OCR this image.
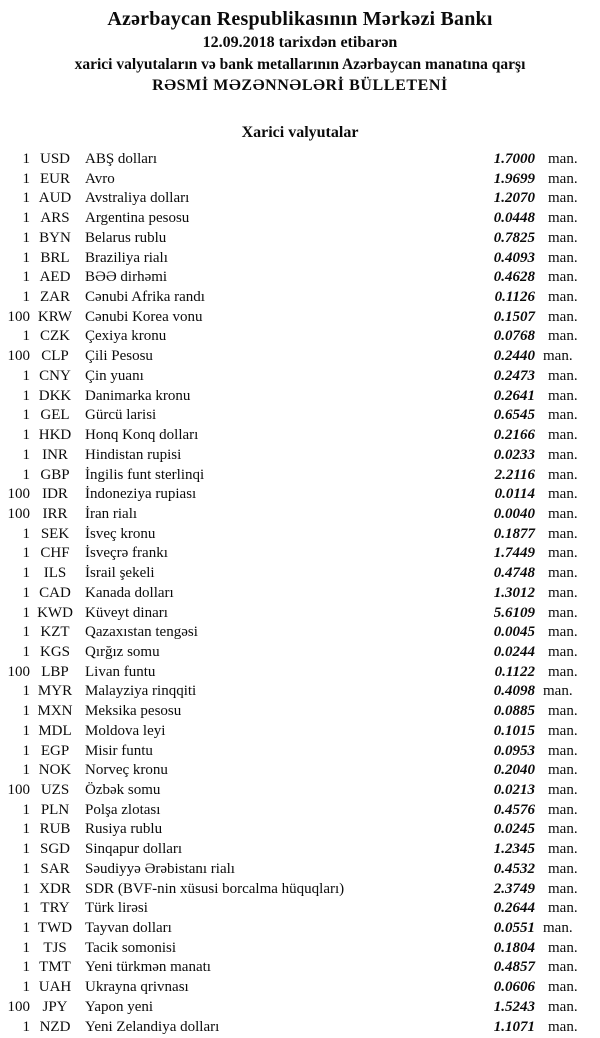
Azərbaycan Respublikasının Mərkəzi Bankı
12.09.2018 tarixdən etibarən
xarici valyutaların və bank metallarının Azərbaycan manatına qarşı
RƏSMİ MƏZƏNNƏLƏRİ BÜLLETENİ
Xarici valyutalar
1 USD	ABŞ dolları	1.7000 man.
1 EUR	Avro	1.9699 man.
1 AUD Avstraliya dolları	1.2070 man.
1 ARS	Argentina pesosu	0.0448 man.
1 BYN Belarus rublu	0.7825 man.
1 BRL	Braziliya rialı	0.4093 man.
1 AED BƏƏ dirhəmi	0.4628 man.
1 ZAR	Cənubi Afrika randı	0.1126 man.
100 KRW Cənubi Korea vonu	0.1507 man.
1 CZK	Çexiya kronu	0.0768 man.
100 CLP	Çili Pesosu	0.2440 man.
1 CNY Çin yuanı	0.2473 man.
1 DKK Danimarka kronu	0.2641 man.
1 GEL	Gürcü larisi	0.6545 man.
1 HKD Honq Konq dolları	0.2166 man.
1 INR	Hindistan rupisi	0.0233 man.
1 GBP	İngilis funt sterlinqi	2.2116 man.
100 IDR	İndoneziya rupiası	0.0114 man.
100 IRR	İran rialı	0.0040 man.
1 SEK	İsveç kronu	0.1877 man.
1 CHF	İsveçrə frankı	1.7449 man.
1 ILS	İsrail şekeli	0.4748 man.
1 CAD Kanada dolları	1.3012 man.
1 KWD Küveyt dinarı	5.6109 man.
1 KZT	Qazaxıstan tengəsi	0.0045 man.
1 KGS	Qırğız somu	0.0244 man.
100 LBP	Livan funtu	0.1122 man.
1 MYR Malayziya rinqqiti	0.4098 man.
1 MXN Meksika pesosu	0.0885 man.
1 MDL Moldova leyi	0.1015 man.
1 EGP	Misir funtu	0.0953 man.
1 NOK Norveç kronu	0.2040 man.
100 UZS	Özbək somu	0.0213 man.
1 PLN	Polşa zlotası	0.4576 man.
1 RUB Rusiya rublu	0.0245 man.
1 SGD	Sinqapur dolları	1.2345 man.
1 SAR	Səudiyyə Ərəbistanı rialı	0.4532 man.
1 XDR SDR (BVF-nin xüsusi borcalma hüquqları)	2.3749 man.
1 TRY	Türk lirəsi	0.2644 man.
1 TWD Tayvan dolları	0.0551 man.
1 TJS	Tacik somonisi	0.1804 man.
1 TMT Yeni türkmən manatı	0.4857 man.
1 UAH Ukrayna qrivnası	0.0606 man.
100 JPY	Yapon yeni	1.5243 man.
1 NZD Yeni Zelandiya dolları	1.1071 man.
